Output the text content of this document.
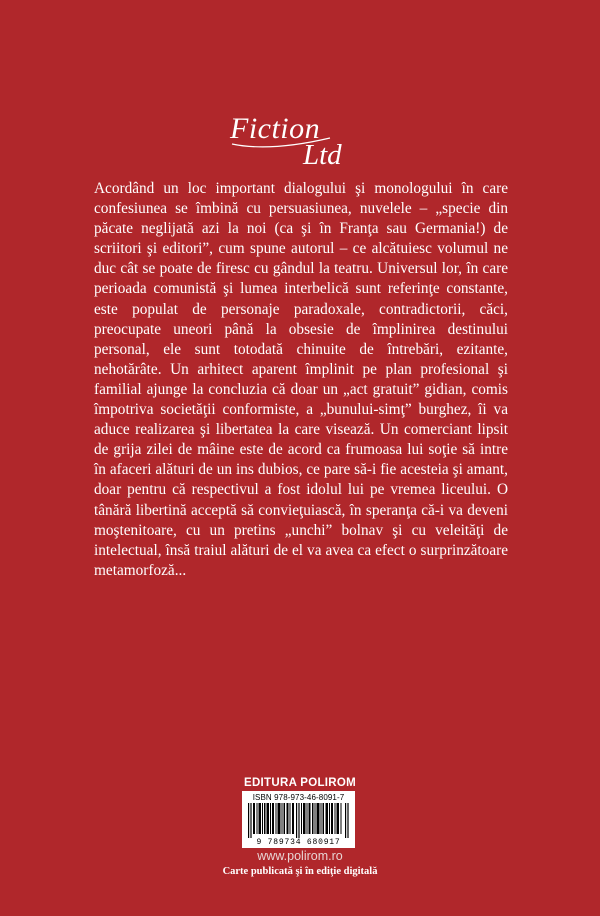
Fiction
Ltd

Acordând un loc important dialogului şi monologului în care confesiunea se îmbină cu persuasiunea, nuvelele – „specie din păcate neglijată azi la noi (ca şi în Franţa sau Germania!) de scriitori şi editori”, cum spune autorul – ce alcătuiesc volumul ne duc cât se poate de firesc cu gândul la teatru. Universul lor, în care perioada comunistă şi lumea interbelică sunt referinţe constante, este populat de personaje paradoxale, contradictorii, căci, preocupate uneori până la obsesie de împlinirea destinului personal, ele sunt totodată chinuite de întrebări, ezitante, nehotărâte. Un arhitect aparent împlinit pe plan profesional şi familial ajunge la concluzia că doar un „act gratuit” gidian, comis împotriva societăţii conformiste, a „bunului-simţ” burghez, îi va aduce realizarea şi libertatea la care visează. Un comerciant lipsit de grija zilei de mâine este de acord ca frumoasa lui soţie să intre în afaceri alături de un ins dubios, ce pare să-i fie acesteia şi amant, doar pentru că respectivul a fost idolul lui pe vremea liceului. O tânără libertină acceptă să convieţuiască, în speranţa că-i va deveni moştenitoare, cu un pretins „unchi” bolnav şi cu veleităţi de intelectual, însă traiul alături de el va avea ca efect o surprinzătoare metamorfoză...

EDITURA POLIROM
ISBN 978-973-46-8091-7
9 789734 680917
www.polirom.ro
Carte publicată şi în ediţie digitală
